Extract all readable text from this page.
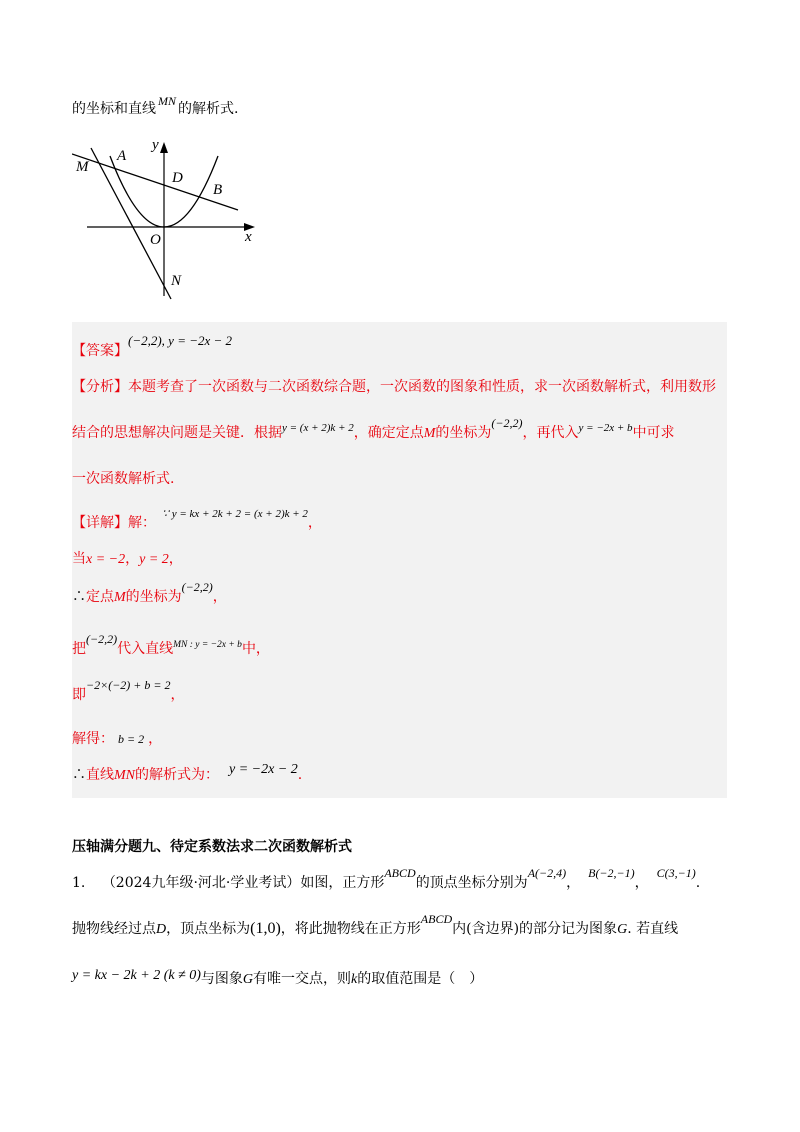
的坐标和直线 MN 的解析式.
M
A
y
D
B
O	x
N
【答案】(−2,2), y = −2x − 2
【分析】本题考查了一次函数与二次函数综合题，一次函数的图象和性质，求一次函数解析式，利用数形
结合的思想解决问题是关键．根据$^{y = (x + 2)k + 2}$，确定定点M的坐标为(−2,2)，再代入$^{y = -2x + b}$中可求
一次函数解析式.
【详解】解：$^{\because y = kx + 2k + 2 = (x + 2)k + 2}$，
当x = −2，y = 2，
∴定点M的坐标为(−2,2)，
把(−2,2)代入直线$^{MN : y = -2x + b}$中，
即−2×(−2) + b = 2，
解得： b = 2 ，
∴直线MN的解析式为： y = −2x − 2.
压轴满分题九、待定系数法求二次函数解析式
1. （2024九年级·河北·学业考试）如图，正方形ABCD的顶点坐标分别为A(−2,4)，B(−2,−1)，C(3,−1).
抛物线经过点D，顶点坐标为(1,0)，将此抛物线在正方形ABCD内(含边界)的部分记为图象G. 若直线
y = kx − 2k + 2 (k ≠ 0)与图象G有唯一交点，则k的取值范围是（　）
